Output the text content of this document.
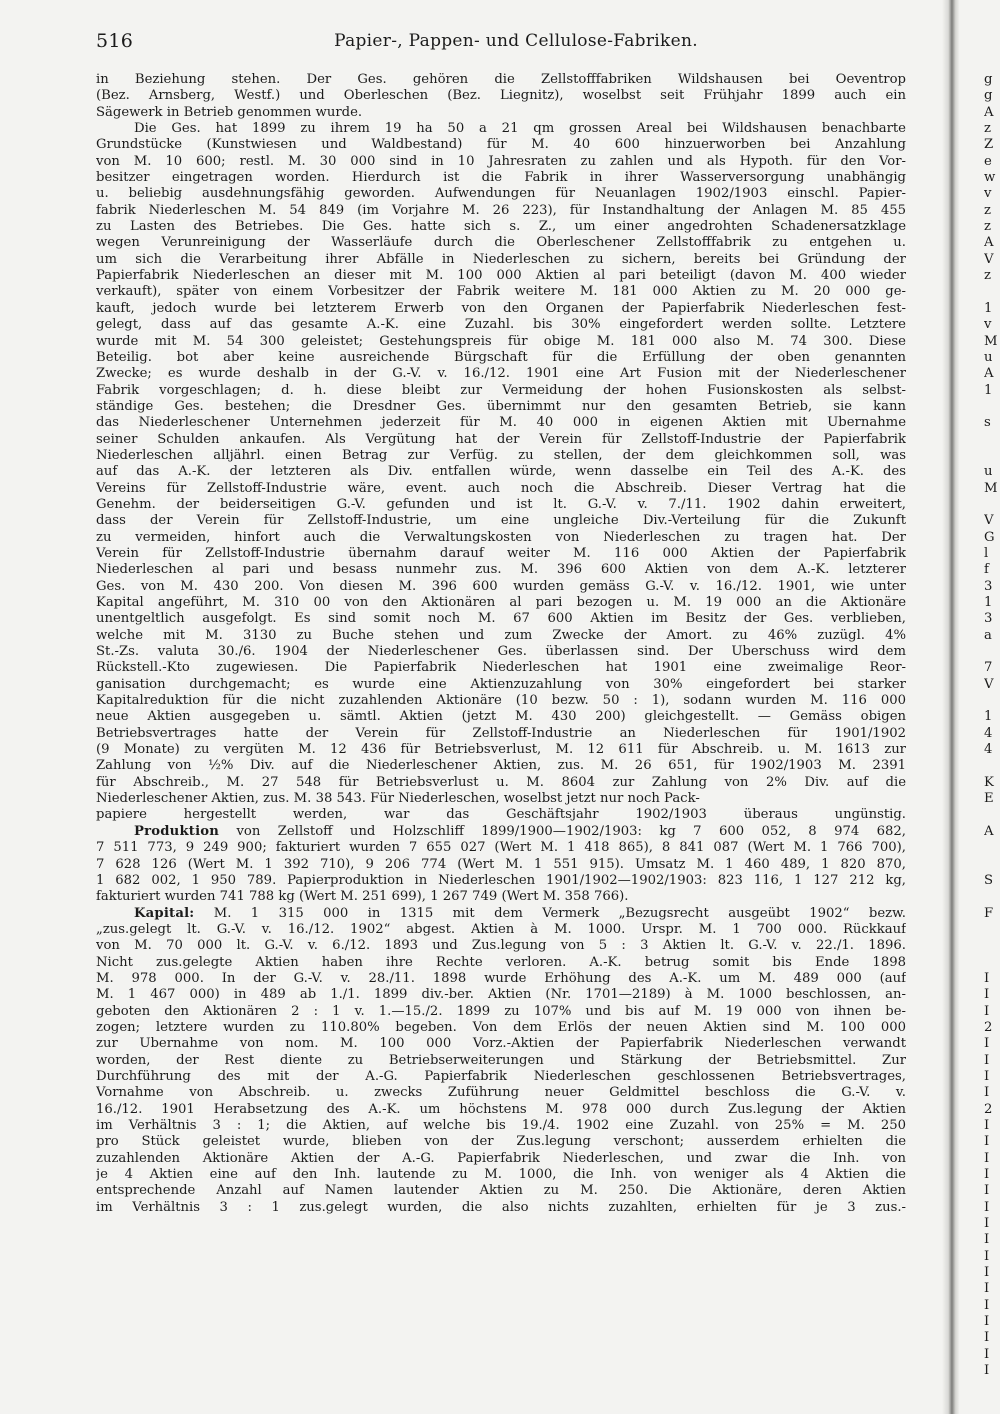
516	Papier-, Pappen- und Cellulose-Fabriken.
in Beziehung stehen. Der Ges. gehören die Zellstofffabriken Wildshausen bei Oeventrop
(Bez. Arnsberg, Westf.) und Oberleschen (Bez. Liegnitz), woselbst seit Frühjahr 1899 auch ein
Sägewerk in Betrieb genommen wurde.
Die Ges. hat 1899 zu ihrem 19 ha 50 a 21 qm grossen Areal bei Wildshausen benachbarte
Grundstücke (Kunstwiesen und Waldbestand) für M. 40 600 hinzuerworben bei Anzahlung
von M. 10 600; restl. M. 30 000 sind in 10 Jahresraten zu zahlen und als Hypoth. für den Vor-
besitzer eingetragen worden. Hierdurch ist die Fabrik in ihrer Wasserversorgung unabhängig
u. beliebig ausdehnungsfähig geworden. Aufwendungen für Neuanlagen 1902/1903 einschl. Papier-
fabrik Niederleschen M. 54 849 (im Vorjahre M. 26 223), für Instandhaltung der Anlagen M. 85 455
zu Lasten des Betriebes. Die Ges. hatte sich s. Z., um einer angedrohten Schadenersatzklage
wegen Verunreinigung der Wasserläufe durch die Oberleschener Zellstofffabrik zu entgehen u.
um sich die Verarbeitung ihrer Abfälle in Niederleschen zu sichern, bereits bei Gründung der
Papierfabrik Niederleschen an dieser mit M. 100 000 Aktien al pari beteiligt (davon M. 400 wieder
verkauft), später von einem Vorbesitzer der Fabrik weitere M. 181 000 Aktien zu M. 20 000 ge-
kauft, jedoch wurde bei letzterem Erwerb von den Organen der Papierfabrik Niederleschen fest-
gelegt, dass auf das gesamte A.-K. eine Zuzahl. bis 30% eingefordert werden sollte. Letztere
wurde mit M. 54 300 geleistet; Gestehungspreis für obige M. 181 000 also M. 74 300. Diese
Beteilig. bot aber keine ausreichende Bürgschaft für die Erfüllung der oben genannten
Zwecke; es wurde deshalb in der G.-V. v. 16./12. 1901 eine Art Fusion mit der Niederleschener
Fabrik vorgeschlagen; d. h. diese bleibt zur Vermeidung der hohen Fusionskosten als selbst-
ständige Ges. bestehen; die Dresdner Ges. übernimmt nur den gesamten Betrieb, sie kann
das Niederleschener Unternehmen jederzeit für M. 40 000 in eigenen Aktien mit Übernahme
seiner Schulden ankaufen. Als Vergütung hat der Verein für Zellstoff-Industrie der Papierfabrik
Niederleschen alljährl. einen Betrag zur Verfüg. zu stellen, der dem gleichkommen soll, was
auf das A.-K. der letzteren als Div. entfallen würde, wenn dasselbe ein Teil des A.-K. des
Vereins für Zellstoff-Industrie wäre, event. auch noch die Abschreib. Dieser Vertrag hat die
Genehm. der beiderseitigen G.-V. gefunden und ist lt. G.-V. v. 7./11. 1902 dahin erweitert,
dass der Verein für Zellstoff-Industrie, um eine ungleiche Div.-Verteilung für die Zukunft
zu vermeiden, hinfort auch die Verwaltungskosten von Niederleschen zu tragen hat. Der
Verein für Zellstoff-Industrie übernahm darauf weiter M. 116 000 Aktien der Papierfabrik
Niederleschen al pari und besass nunmehr zus. M. 396 600 Aktien von dem A.-K. letzterer
Ges. von M. 430 200. Von diesen M. 396 600 wurden gemäss G.-V. v. 16./12. 1901, wie unter
Kapital angeführt, M. 310 00 von den Aktionären al pari bezogen u. M. 19 000 an die Aktionäre
unentgeltlich ausgefolgt. Es sind somit noch M. 67 600 Aktien im Besitz der Ges. verblieben,
welche mit M. 3130 zu Buche stehen und zum Zwecke der Amort. zu 46% zuzügl. 4%
St.-Zs. valuta 30./6. 1904 der Niederleschener Ges. überlassen sind. Der Überschuss wird dem
Rückstell.-Kto zugewiesen. Die Papierfabrik Niederleschen hat 1901 eine zweimalige Reor-
ganisation durchgemacht; es wurde eine Aktienzuzahlung von 30% eingefordert bei starker
Kapitalreduktion für die nicht zuzahlenden Aktionäre (10 bezw. 50 : 1), sodann wurden M. 116 000
neue Aktien ausgegeben u. sämtl. Aktien (jetzt M. 430 200) gleichgestellt. — Gemäss obigen
Betriebsvertrages hatte der Verein für Zellstoff-Industrie an Niederleschen für 1901/1902
(9 Monate) zu vergüten M. 12 436 für Betriebsverlust, M. 12 611 für Abschreib. u. M. 1613 zur
Zahlung von ½% Div. auf die Niederleschener Aktien, zus. M. 26 651, für 1902/1903 M. 2391
für Abschreib., M. 27 548 für Betriebsverlust u. M. 8604 zur Zahlung von 2% Div. auf die
Niederleschener Aktien, zus. M. 38 543. Für Niederleschen, woselbst jetzt nur noch Pack-
papiere hergestellt werden, war das Geschäftsjahr 1902/1903 überaus ungünstig.
Produktion von Zellstoff und Holzschliff 1899/1900—1902/1903: kg 7 600 052, 8 974 682,
7 511 773, 9 249 900; fakturiert wurden 7 655 027 (Wert M. 1 418 865), 8 841 087 (Wert M. 1 766 700),
7 628 126 (Wert M. 1 392 710), 9 206 774 (Wert M. 1 551 915). Umsatz M. 1 460 489, 1 820 870,
1 682 002, 1 950 789. Papierproduktion in Niederleschen 1901/1902—1902/1903: 823 116, 1 127 212 kg,
fakturiert wurden 741 788 kg (Wert M. 251 699), 1 267 749 (Wert M. 358 766).
Kapital: M. 1 315 000 in 1315 mit dem Vermerk „Bezugsrecht ausgeübt 1902“ bezw.
„zus.gelegt lt. G.-V. v. 16./12. 1902“ abgest. Aktien à M. 1000. Urspr. M. 1 700 000. Rückkauf
von M. 70 000 lt. G.-V. v. 6./12. 1893 und Zus.legung von 5 : 3 Aktien lt. G.-V. v. 22./1. 1896.
Nicht zus.gelegte Aktien haben ihre Rechte verloren. A.-K. betrug somit bis Ende 1898
M. 978 000. In der G.-V. v. 28./11. 1898 wurde Erhöhung des A.-K. um M. 489 000 (auf
M. 1 467 000) in 489 ab 1./1. 1899 div.-ber. Aktien (Nr. 1701—2189) à M. 1000 beschlossen, an-
geboten den Aktionären 2 : 1 v. 1.—15./2. 1899 zu 107% und bis auf M. 19 000 von ihnen be-
zogen; letztere wurden zu 110.80% begeben. Von dem Erlös der neuen Aktien sind M. 100 000
zur Übernahme von nom. M. 100 000 Vorz.-Aktien der Papierfabrik Niederleschen verwandt
worden, der Rest diente zu Betriebserweiterungen und Stärkung der Betriebsmittel. Zur
Durchführung des mit der A.-G. Papierfabrik Niederleschen geschlossenen Betriebsvertrages,
Vornahme von Abschreib. u. zwecks Zuführung neuer Geldmittel beschloss die G.-V. v.
16./12. 1901 Herabsetzung des A.-K. um höchstens M. 978 000 durch Zus.legung der Aktien
im Verhältnis 3 : 1; die Aktien, auf welche bis 19./4. 1902 eine Zuzahl. von 25% = M. 250
pro Stück geleistet wurde, blieben von der Zus.legung verschont; ausserdem erhielten die
zuzahlenden Aktionäre Aktien der A.-G. Papierfabrik Niederleschen, und zwar die Inh. von
je 4 Aktien eine auf den Inh. lautende zu M. 1000, die Inh. von weniger als 4 Aktien die
entsprechende Anzahl auf Namen lautender Aktien zu M. 250. Die Aktionäre, deren Aktien
im Verhältnis 3 : 1 zus.gelegt wurden, die also nichts zuzahlten, erhielten für je 3 zus.-
g
g
A
z
Z
e
w
v
z
z
A
V
z
1
v
M
u
A
1
s
u
M
V
G
l
f
3
1
3
a
7
V
1
4
4
K
E
A
S
F
I
I
I
2
I
I
I
I
2
I
I
I
I
I
I
I
I
I
I
I
I
I
I
I
I
